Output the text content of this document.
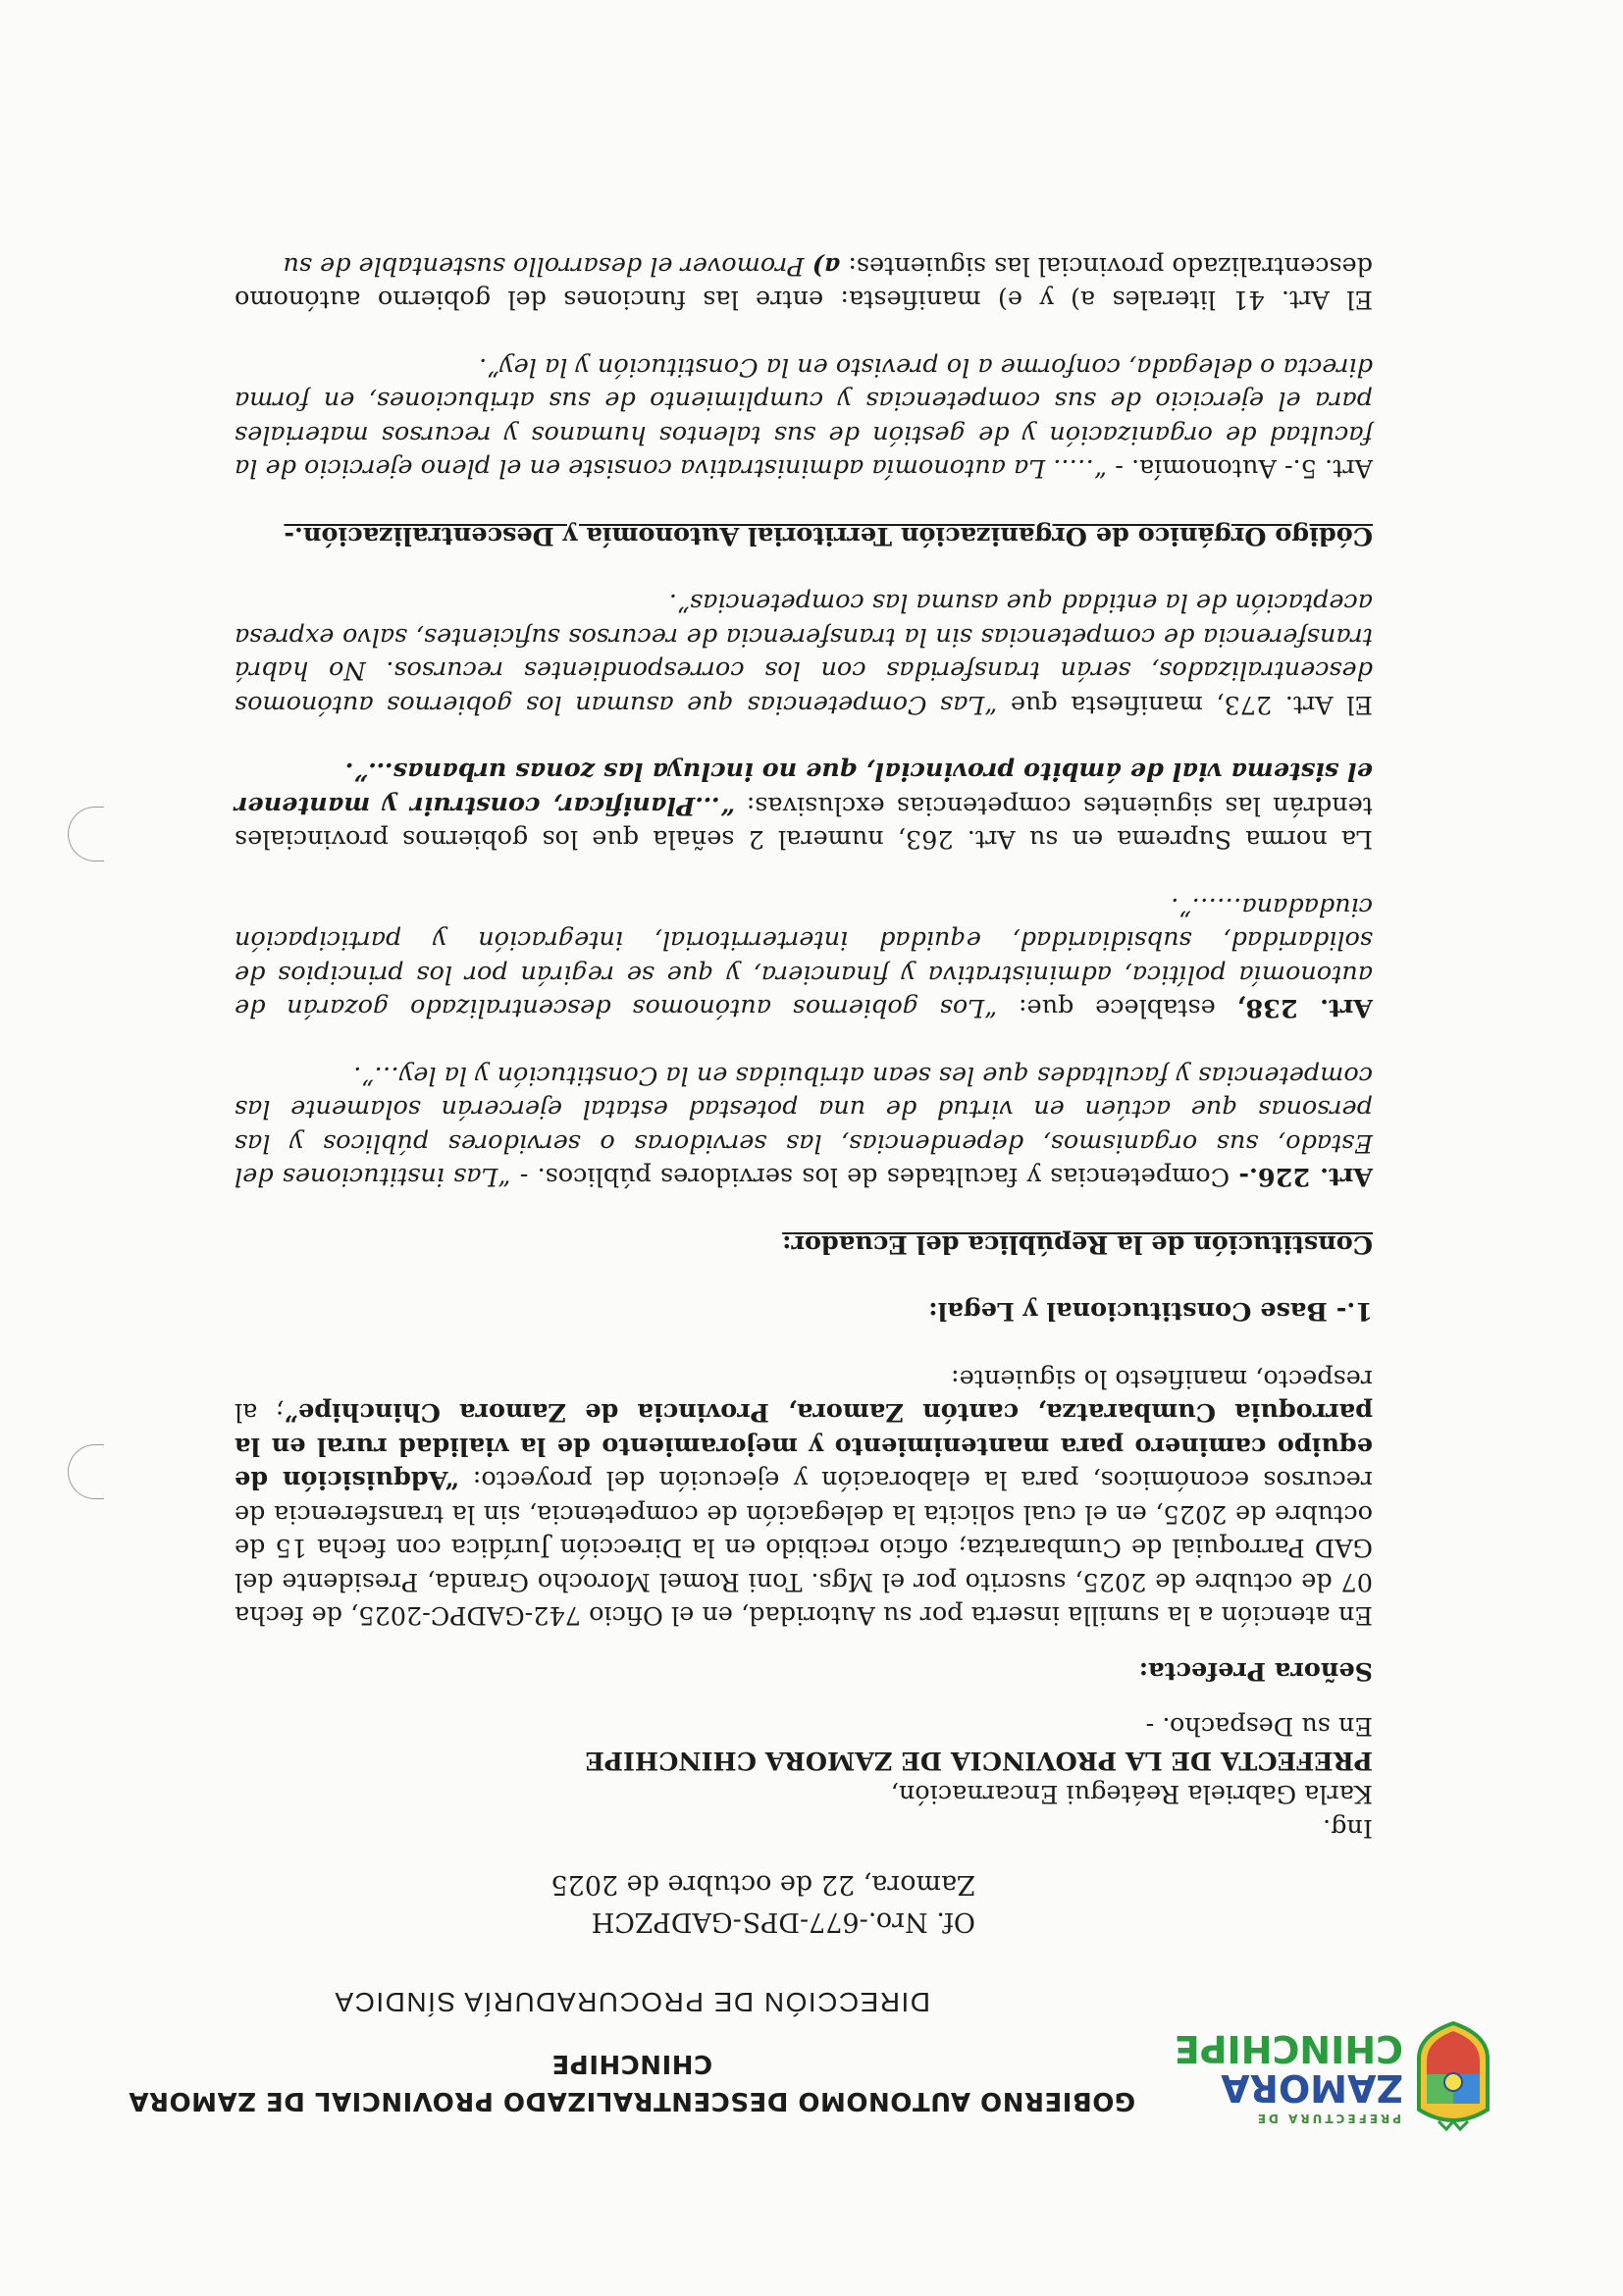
PREFECTURA DE
ZAMORA
CHINCHIPE
GOBIERNO AUTONOMO DESCENTRALIZADO PROVINCIAL DE ZAMORA CHINCHIPE
DIRECCIÓN DE PROCURADURÍA SÍNDICA
Of. Nro.-677-DPS-GADPZCH
Zamora, 22 de octubre de 2025

Ing.

Karla Gabriela Reátegui Encarnación,

PREFECTA DE LA PROVINCIA DE ZAMORA CHINCHIPE

En su Despacho. -

Señora Prefecta:

En atención a la sumilla inserta por su Autoridad, en el Oficio 742-GADPC-2025, de fecha 07 de octubre de 2025, suscrito por el Mgs. Toni Romel Morocho Granda, Presidente del GAD Parroquial de Cumbaratza; oficio recibido en la Dirección Jurídica con fecha 15 de octubre de 2025, en el cual solicita la delegación de competencia, sin la transferencia de recursos económicos, para la elaboración y ejecución del proyecto: “Adquisición de equipo caminero para mantenimiento y mejoramiento de la vialidad rural en la parroquia Cumbaratza, cantón Zamora, Provincia de Zamora Chinchipe”; al respecto, manifiesto lo siguiente:

1.- Base Constitucional y Legal:

Constitución de la República del Ecuador:

Art. 226.- Competencias y facultades de los servidores públicos. - “Las instituciones del Estado, sus organismos, dependencias, las servidoras o servidores públicos y las personas que actúen en virtud de una potestad estatal ejercerán solamente las competencias y facultades que les sean atribuidas en la Constitución y la ley…”.

Art. 238, establece que: “Los gobiernos autónomos descentralizado gozarán de autonomía política, administrativa y financiera, y que se regirán por los principios de solidaridad, subsidiaridad, equidad interterritorial, integración y participación ciudadana……”.

La norma Suprema en su Art. 263, numeral 2 señala que los gobiernos provinciales tendrán las siguientes competencias exclusivas: “…Planificar, construir y mantener el sistema vial de ámbito provincial, que no incluya las zonas urbanas…”.

El Art. 273, manifiesta que “Las Competencias que asuman los gobiernos autónomos descentralizados, serán transferidas con los correspondientes recursos. No habrá transferencia de competencias sin la transferencia de recursos suficientes, salvo expresa aceptación de la entidad que asuma las competencias”.

Código Orgánico de Organización Territorial Autonomía y Descentralización.-

Art. 5.- Autonomía. - “….. La autonomía administrativa consiste en el pleno ejercicio de la facultad de organización y de gestión de sus talentos humanos y recursos materiales para el ejercicio de sus competencias y cumplimiento de sus atribuciones, en forma directa o delegada, conforme a lo previsto en la Constitución y la ley”.

El Art. 41 literales a) y e) manifiesta: entre las funciones del gobierno autónomo descentralizado provincial las siguientes: a) Promover el desarrollo sustentable de su
